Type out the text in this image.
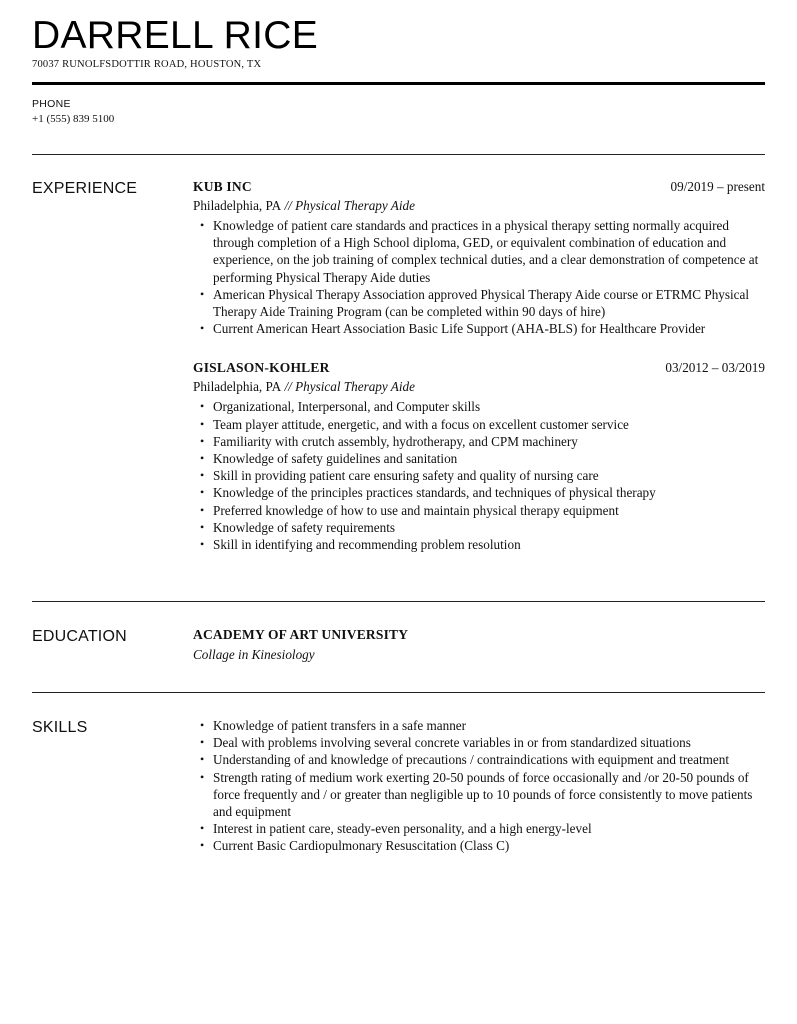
DARRELL RICE
70037 RUNOLFSDOTTIR ROAD, HOUSTON, TX
PHONE
+1 (555) 839 5100
EXPERIENCE	KUB INC	09/2019 – present
Philadelphia, PA // Physical Therapy Aide
• Knowledge of patient care standards and practices in a physical therapy setting normally acquired through completion of a High School diploma, GED, or equivalent combination of education and experience, on the job training of complex technical duties, and a clear demonstration of competence at performing Physical Therapy Aide duties
• American Physical Therapy Association approved Physical Therapy Aide course or ETRMC Physical Therapy Aide Training Program (can be completed within 90 days of hire)
• Current American Heart Association Basic Life Support (AHA-BLS) for Healthcare Provider
GISLASON-KOHLER	03/2012 – 03/2019
Philadelphia, PA // Physical Therapy Aide
• Organizational, Interpersonal, and Computer skills
• Team player attitude, energetic, and with a focus on excellent customer service
• Familiarity with crutch assembly, hydrotherapy, and CPM machinery
• Knowledge of safety guidelines and sanitation
• Skill in providing patient care ensuring safety and quality of nursing care
• Knowledge of the principles practices standards, and techniques of physical therapy
• Preferred knowledge of how to use and maintain physical therapy equipment
• Knowledge of safety requirements
• Skill in identifying and recommending problem resolution
EDUCATION	ACADEMY OF ART UNIVERSITY
Collage in Kinesiology
SKILLS
•	Knowledge of patient transfers in a safe manner
• Deal with problems involving several concrete variables in or from standardized situations
• Understanding of and knowledge of precautions / contraindications with equipment and treatment
• Strength rating of medium work exerting 20-50 pounds of force occasionally and /or 20-50 pounds of force frequently and / or greater than negligible up to 10 pounds of force consistently to move patients and equipment
• Interest in patient care, steady-even personality, and a high energy-level
• Current Basic Cardiopulmonary Resuscitation (Class C)
